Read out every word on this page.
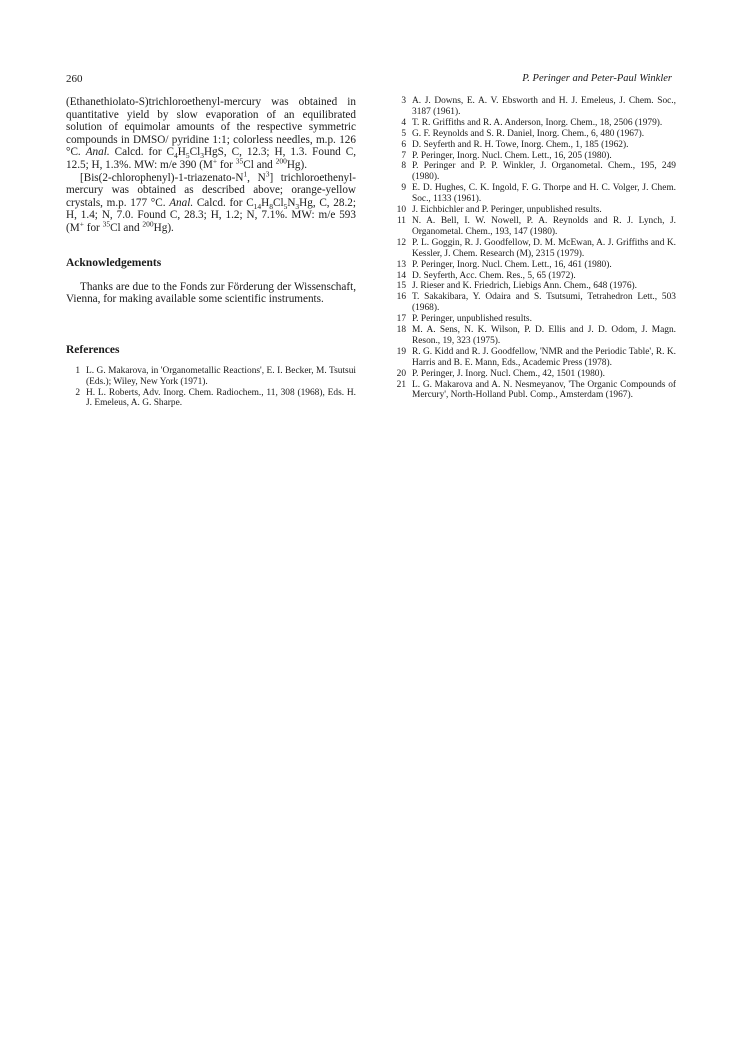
260	P. Peringer and Peter-Paul Winkler

(Ethanethiolato-S)trichloroethenyl-mercury was obtained in quantitative yield by slow evaporation of an equilibrated solution of equimolar amounts of the respective symmetric compounds in DMSO/ pyridine 1:1; colorless needles, m.p. 126 °C. Anal. Calcd. for $C_4H_5Cl_3HgS$, C, 12.3; H, 1.3. Found C, 12.5; H, 1.3%. MW: m/e 390 (M+ for $^{35}$Cl and $^{200}$Hg).

[$Bis(2-chlorophenyl)-1-triazenato-N^1$, $N^3$] trichloroethenyl-mercury was obtained as described above; orange-yellow crystals, m.p. 177 °C. Anal. Calcd. for $C_{14}H_8Cl_5N_3Hg$, C, 28.2; H, 1.4; N, 7.0. Found C, 28.3; H, 1.2; N, 7.1%. MW: m/e 593 (M+ for $^{35}$Cl and $^{200}$Hg).

Acknowledgements

Thanks are due to the Fonds zur Förderung der Wissenschaft, Vienna, for making available some scientific instruments.

References

1 L. G. Makarova, in 'Organometallic Reactions', E. I. Becker, M. Tsutsui (Eds.); Wiley, New York (1971).
2 H. L. Roberts, Adv. Inorg. Chem. Radiochem., 11, 308 (1968), Eds. H. J. Emeleus, A. G. Sharpe.
3 A. J. Downs, E. A. V. Ebsworth and H. J. Emeleus, J. Chem. Soc., 3187 (1961).
4 T. R. Griffiths and R. A. Anderson, Inorg. Chem., 18, 2506 (1979).
5 G. F. Reynolds and S. R. Daniel, Inorg. Chem., 6, 480 (1967).
6 D. Seyferth and R. H. Towe, Inorg. Chem., 1, 185 (1962).
7 P. Peringer, Inorg. Nucl. Chem. Lett., 16, 205 (1980).
8 P. Peringer and P. P. Winkler, J. Organometal. Chem., 195, 249 (1980).
9 E. D. Hughes, C. K. Ingold, F. G. Thorpe and H. C. Volger, J. Chem. Soc., 1133 (1961).
10 J. Eichbichler and P. Peringer, unpublished results.
11 N. A. Bell, I. W. Nowell, P. A. Reynolds and R. J. Lynch, J. Organometal. Chem., 193, 147 (1980).
12 P. L. Goggin, R. J. Goodfellow, D. M. McEwan, A. J. Griffiths and K. Kessler, J. Chem. Research (M), 2315 (1979).
13 P. Peringer, Inorg. Nucl. Chem. Lett., 16, 461 (1980).
14 D. Seyferth, Acc. Chem. Res., 5, 65 (1972).
15 J. Rieser and K. Friedrich, Liebigs Ann. Chem., 648 (1976).
16 T. Sakakibara, Y. Odaira and S. Tsutsumi, Tetrahedron Lett., 503 (1968).
17 P. Peringer, unpublished results.
18 M. A. Sens, N. K. Wilson, P. D. Ellis and J. D. Odom, J. Magn. Reson., 19, 323 (1975).
19 R. G. Kidd and R. J. Goodfellow, 'NMR and the Periodic Table', R. K. Harris and B. E. Mann, Eds., Academic Press (1978).
20 P. Peringer, J. Inorg. Nucl. Chem., 42, 1501 (1980).
21 L. G. Makarova and A. N. Nesmeyanov, 'The Organic Compounds of Mercury', North-Holland Publ. Comp., Amsterdam (1967).
